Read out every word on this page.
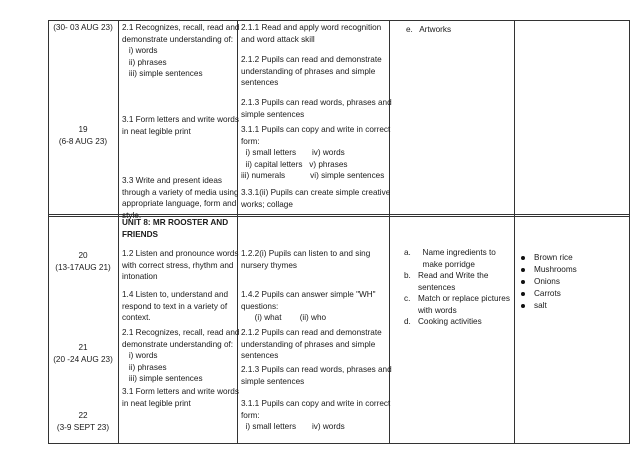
(30- 03 AUG 23)
19
(6-8 AUG 23)
2.1 Recognizes, recall, read and
demonstrate understanding of:
i) words
ii) phrases
iii) simple sentences
3.1 Form letters and write words
in neat legible print
3.3 Write and present ideas
through a variety of media using
appropriate language, form and
style.
2.1.1 Read and apply word recognition
and word attack skill
2.1.2 Pupils can read and demonstrate
understanding of phrases and simple
sentences
2.1.3 Pupils can read words, phrases and
simple sentences
3.1.1 Pupils can copy and write in correct
form:
i) small letters       iv) words
ii) capital letters   v) phrases
iii) numerals           vi) simple sentences
3.3.1(ii) Pupils can create simple creative
works; collage
e.   Artworks
UNIT 8: MR ROOSTER AND
FRIENDS
20
(13-17AUG 21)
21
(20 -24 AUG 23)
22
(3-9 SEPT 23)
1.2 Listen and pronounce words
with correct stress, rhythm and
intonation
1.4 Listen to, understand and
respond to text in a variety of
context.
2.1 Recognizes, recall, read and
demonstrate understanding of:
i) words
ii) phrases
iii) simple sentences
3.1 Form letters and write words
in neat legible print
1.2.2(i) Pupils can listen to and sing
nursery thymes
1.4.2 Pupils can answer simple "WH"
questions:
(i) what        (ii) who
2.1.2 Pupils can read and demonstrate
understanding of phrases and simple
sentences
2.1.3 Pupils can read words, phrases and
simple sentences
3.1.1 Pupils can copy and write in correct
form:
i) small letters       iv) words
a.	Name ingredients to
make porridge
b. Read and Write the
sentences
c. Match or replace pictures
with words
d. Cooking activities
Brown rice
Mushrooms
Onions
Carrots
salt
